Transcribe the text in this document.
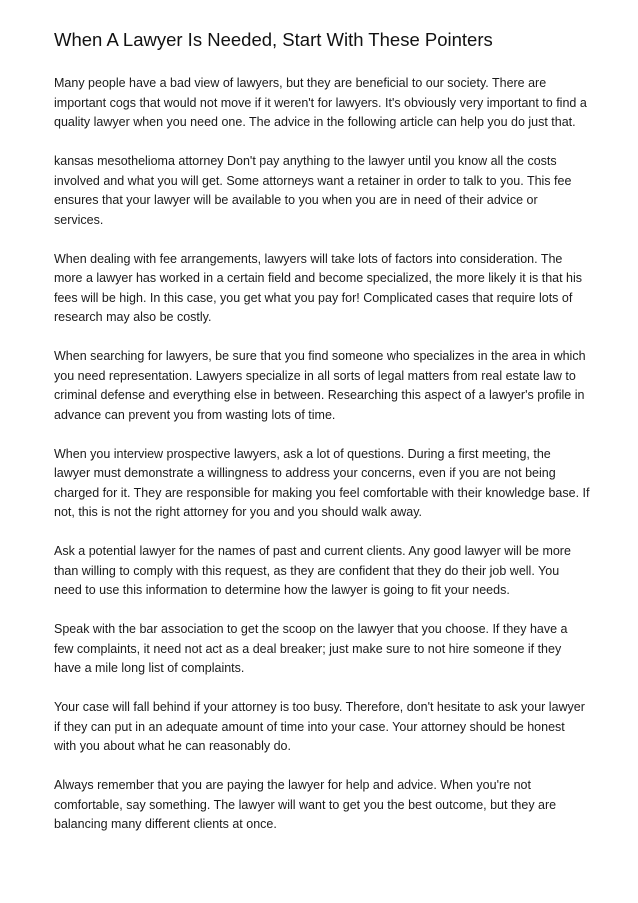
When A Lawyer Is Needed, Start With These Pointers

Many people have a bad view of lawyers, but they are beneficial to our society. There are important cogs that would not move if it weren't for lawyers. It's obviously very important to find a quality lawyer when you need one. The advice in the following article can help you do just that.

kansas mesothelioma attorney Don't pay anything to the lawyer until you know all the costs involved and what you will get. Some attorneys want a retainer in order to talk to you. This fee ensures that your lawyer will be available to you when you are in need of their advice or services.

When dealing with fee arrangements, lawyers will take lots of factors into consideration. The more a lawyer has worked in a certain field and become specialized, the more likely it is that his fees will be high. In this case, you get what you pay for! Complicated cases that require lots of research may also be costly.

When searching for lawyers, be sure that you find someone who specializes in the area in which you need representation. Lawyers specialize in all sorts of legal matters from real estate law to criminal defense and everything else in between. Researching this aspect of a lawyer's profile in advance can prevent you from wasting lots of time.

When you interview prospective lawyers, ask a lot of questions. During a first meeting, the lawyer must demonstrate a willingness to address your concerns, even if you are not being charged for it. They are responsible for making you feel comfortable with their knowledge base. If not, this is not the right attorney for you and you should walk away.

Ask a potential lawyer for the names of past and current clients. Any good lawyer will be more than willing to comply with this request, as they are confident that they do their job well. You need to use this information to determine how the lawyer is going to fit your needs.

Speak with the bar association to get the scoop on the lawyer that you choose. If they have a few complaints, it need not act as a deal breaker; just make sure to not hire someone if they have a mile long list of complaints.

Your case will fall behind if your attorney is too busy. Therefore, don't hesitate to ask your lawyer if they can put in an adequate amount of time into your case. Your attorney should be honest with you about what he can reasonably do.

Always remember that you are paying the lawyer for help and advice. When you're not comfortable, say something. The lawyer will want to get you the best outcome, but they are balancing many different clients at once.
